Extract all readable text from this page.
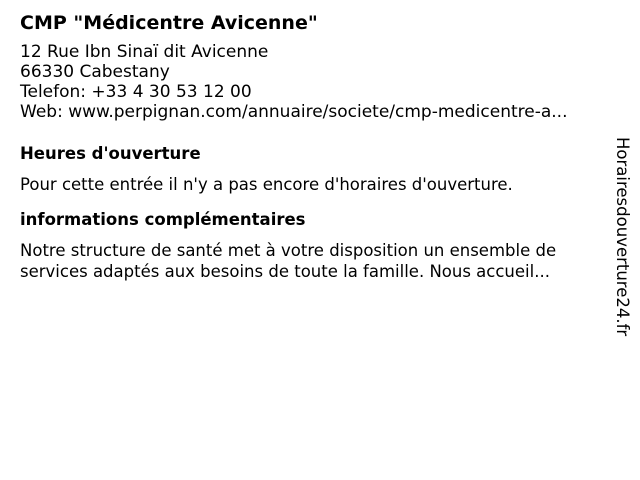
CMP "Médicentre Avicenne"
12 Rue Ibn Sinaï dit Avicenne
66330 Cabestany
Telefon: +33 4 30 53 12 00
Web: www.perpignan.com/annuaire/societe/cmp-medicentre-a...
Heures d'ouverture
Pour cette entrée il n'y a pas encore d'horaires d'ouverture.
informations complémentaires
Notre structure de santé met à votre disposition un ensemble de
services adaptés aux besoins de toute la famille. Nous accueil...	Horairesdouverture24.fr
